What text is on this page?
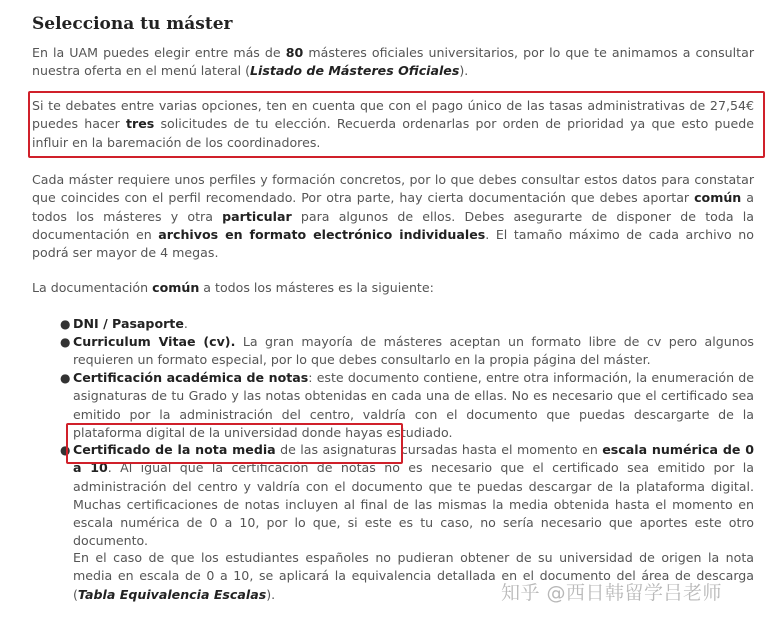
Selecciona tu máster

En la UAM puedes elegir entre más de 80 másteres oficiales universitarios, por lo que te animamos a consultar nuestra oferta en el menú lateral (Listado de Másteres Oficiales).

Si te debates entre varias opciones, ten en cuenta que con el pago único de las tasas administrativas de 27,54€ puedes hacer tres solicitudes de tu elección. Recuerda ordenarlas por orden de prioridad ya que esto puede influir en la baremación de los coordinadores.

Cada máster requiere unos perfiles y formación concretos, por lo que debes consultar estos datos para constatar que coincides con el perfil recomendado. Por otra parte, hay cierta documentación que debes aportar común a todos los másteres y otra particular para algunos de ellos. Debes asegurarte de disponer de toda la documentación en archivos en formato electrónico individuales. El tamaño máximo de cada archivo no podrá ser mayor de 4 megas.

La documentación común a todos los másteres es la siguiente:

● DNI / Pasaporte.
● Curriculum Vitae (cv). La gran mayoría de másteres aceptan un formato libre de cv pero algunos requieren un formato especial, por lo que debes consultarlo en la propia página del máster.
● Certificación académica de notas: este documento contiene, entre otra información, la enumeración de asignaturas de tu Grado y las notas obtenidas en cada una de ellas. No es necesario que el certificado sea emitido por la administración del centro, valdría con el documento que puedas descargarte de la plataforma digital de la universidad donde hayas estudiado.
● Certificado de la nota media de las asignaturas cursadas hasta el momento en escala numérica de 0 a 10. Al igual que la certificación de notas no es necesario que el certificado sea emitido por la administración del centro y valdría con el documento que te puedas descargar de la plataforma digital. Muchas certificaciones de notas incluyen al final de las mismas la media obtenida hasta el momento en escala numérica de 0 a 10, por lo que, si este es tu caso, no sería necesario que aportes este otro documento.

En el caso de que los estudiantes españoles no pudieran obtener de su universidad de origen la nota media en escala de 0 a 10, se aplicará la equivalencia detallada en el documento del área de descarga (Tabla Equivalencia Escalas).	知乎 @西日韩留学吕老师
